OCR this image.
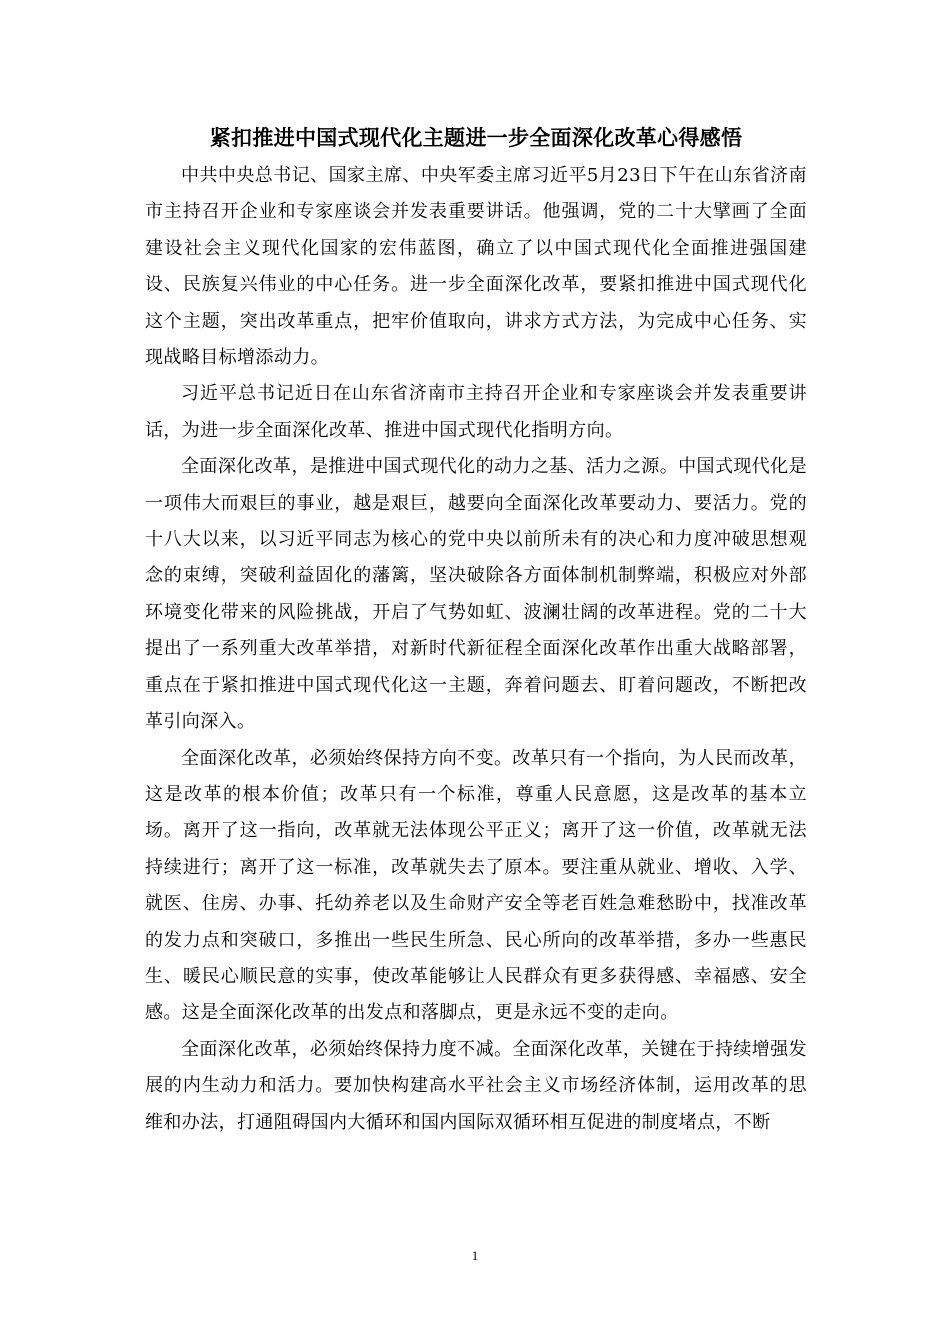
紧扣推进中国式现代化主题进一步全面深化改革心得感悟

中共中央总书记、国家主席、中央军委主席习近平5月23日下午在山东省济南市主持召开企业和专家座谈会并发表重要讲话。他强调，党的二十大擘画了全面建设社会主义现代化国家的宏伟蓝图，确立了以中国式现代化全面推进强国建设、民族复兴伟业的中心任务。进一步全面深化改革，要紧扣推进中国式现代化这个主题，突出改革重点，把牢价值取向，讲求方式方法，为完成中心任务、实现战略目标增添动力。

习近平总书记近日在山东省济南市主持召开企业和专家座谈会并发表重要讲话，为进一步全面深化改革、推进中国式现代化指明方向。

全面深化改革，是推进中国式现代化的动力之基、活力之源。中国式现代化是一项伟大而艰巨的事业，越是艰巨，越要向全面深化改革要动力、要活力。党的十八大以来，以习近平同志为核心的党中央以前所未有的决心和力度冲破思想观念的束缚，突破利益固化的藩篱，坚决破除各方面体制机制弊端，积极应对外部环境变化带来的风险挑战，开启了气势如虹、波澜壮阔的改革进程。党的二十大提出了一系列重大改革举措，对新时代新征程全面深化改革作出重大战略部署，重点在于紧扣推进中国式现代化这一主题，奔着问题去、盯着问题改，不断把改革引向深入。

全面深化改革，必须始终保持方向不变。改革只有一个指向，为人民而改革，这是改革的根本价值；改革只有一个标准，尊重人民意愿，这是改革的基本立场。离开了这一指向，改革就无法体现公平正义；离开了这一价值，改革就无法持续进行；离开了这一标准，改革就失去了原本。要注重从就业、增收、入学、就医、住房、办事、托幼养老以及生命财产安全等老百姓急难愁盼中，找准改革的发力点和突破口，多推出一些民生所急、民心所向的改革举措，多办一些惠民生、暖民心顺民意的实事，使改革能够让人民群众有更多获得感、幸福感、安全感。这是全面深化改革的出发点和落脚点，更是永远不变的走向。

全面深化改革，必须始终保持力度不减。全面深化改革，关键在于持续增强发展的内生动力和活力。要加快构建高水平社会主义市场经济体制，运用改革的思维和办法，打通阻碍国内大循环和国内国际双循环相互促进的制度堵点，不断

1
